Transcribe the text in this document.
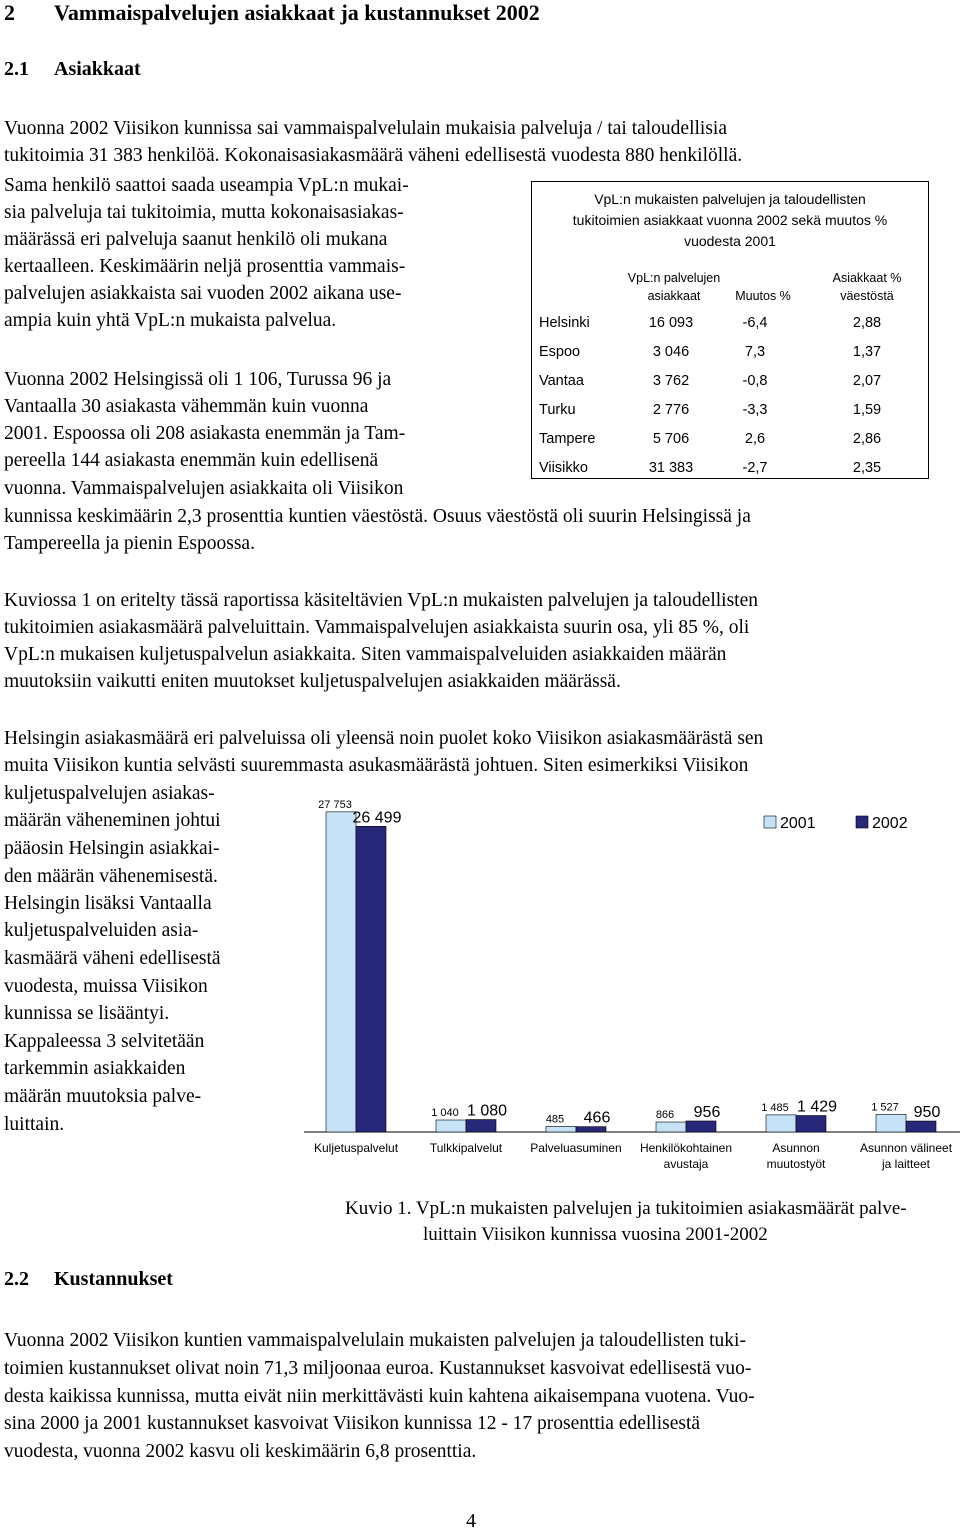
2 Vammaispalvelujen asiakkaat ja kustannukset 2002
2.1 Asiakkaat
Vuonna 2002 Viisikon kunnissa sai vammaispalvelulain mukaisia palveluja / tai taloudellisia
tukitoimia 31 383 henkilöä. Kokonaisasiakasmäärä väheni edellisestä vuodesta 880 henkilöllä.
Sama henkilö saattoi saada useampia VpL:n mukai-
sia palveluja tai tukitoimia, mutta kokonaisasiakas-
määrässä eri palveluja saanut henkilö oli mukana
kertaalleen. Keskimäärin neljä prosenttia vammais-
palvelujen asiakkaista sai vuoden 2002 aikana use-
ampia kuin yhtä VpL:n mukaista palvelua.
Vuonna 2002 Helsingissä oli 1 106, Turussa 96 ja
Vantaalla 30 asiakasta vähemmän kuin vuonna
2001. Espoossa oli 208 asiakasta enemmän ja Tam-
pereella 144 asiakasta enemmän kuin edellisenä
vuonna. Vammaispalvelujen asiakkaita oli Viisikon
kunnissa keskimäärin 2,3 prosenttia kuntien väestöstä. Osuus väestöstä oli suurin Helsingissä ja
Tampereella ja pienin Espoossa.
VpL:n mukaisten palvelujen ja taloudellisten
tukitoimien asiakkaat vuonna 2002 sekä muutos %
vuodesta 2001
VpL:n palvelujen
asiakkaat	Muutos %
Asiakkaat %
väestöstä
Helsinki	16 093	-6,4	2,88
Espoo	3 046	7,3	1,37
Vantaa	3 762	-0,8	2,07
Turku	2 776	-3,3	1,59
Tampere	5 706	2,6	2,86
Viisikko	31 383	-2,7	2,35
Kuviossa 1 on eritelty tässä raportissa käsiteltävien VpL:n mukaisten palvelujen ja taloudellisten
tukitoimien asiakasmäärä palveluittain. Vammaispalvelujen asiakkaista suurin osa, yli 85 %, oli
VpL:n mukaisen kuljetuspalvelun asiakkaita. Siten vammaispalveluiden asiakkaiden määrän
muutoksiin vaikutti eniten muutokset kuljetuspalvelujen asiakkaiden määrässä.
Helsingin asiakasmäärä eri palveluissa oli yleensä noin puolet koko Viisikon asiakasmäärästä sen
muita Viisikon kuntia selvästi suuremmasta asukasmäärästä johtuen. Siten esimerkiksi Viisikon
kuljetuspalvelujen asiakas-
määrän väheneminen johtui
pääosin Helsingin asiakkai-
den määrän vähenemisestä.
Helsingin lisäksi Vantaalla
kuljetuspalveluiden asia-
kasmäärä väheni edellisestä
vuodesta, muissa Viisikon
kunnissa se lisääntyi.
Kappaleessa 3 selvitetään
tarkemmin asiakkaiden
määrän muutoksia palve-
luittain.
27 753
26 499
Kuljetuspalvelut
1 040 1 080
Tulkkipalvelut
485 466
Palveluasuminen
866 956
Henkilökohtainen
avustaja
1 485 1 429
Asunnon
muutostyöt
1 527 950
Asunnon välineet
ja laitteet
2001	2002
Kuvio 1. VpL:n mukaisten palvelujen ja tukitoimien asiakasmäärät palve-
luittain Viisikon kunnissa vuosina 2001-2002
2.2 Kustannukset
Vuonna 2002 Viisikon kuntien vammaispalvelulain mukaisten palvelujen ja taloudellisten tuki-
toimien kustannukset olivat noin 71,3 miljoonaa euroa. Kustannukset kasvoivat edellisestä vuo-
desta kaikissa kunnissa, mutta eivät niin merkittävästi kuin kahtena aikaisempana vuotena. Vuo-
sina 2000 ja 2001 kustannukset kasvoivat Viisikon kunnissa 12 - 17 prosenttia edellisestä
vuodesta, vuonna 2002 kasvu oli keskimäärin 6,8 prosenttia.
4
